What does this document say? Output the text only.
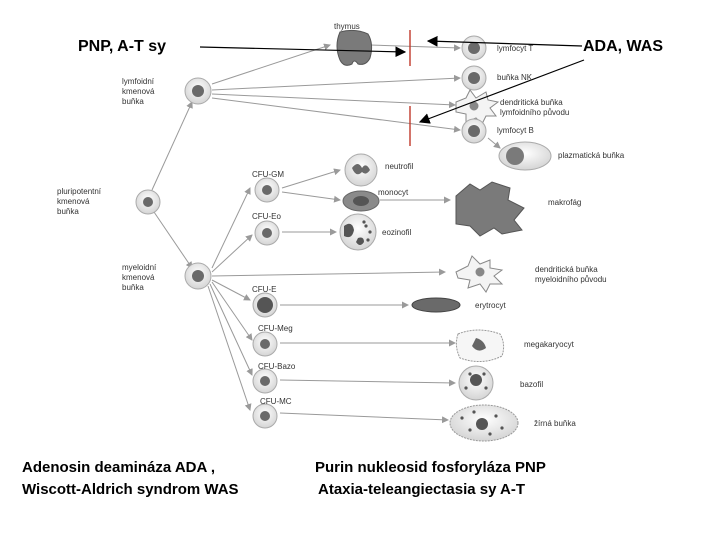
PNP, A-T sy	ADA, WAS
thymus
lymfoidní
kmenová
buňka
pluripotentní
kmenová
buňka
myeloidní
kmenová
buňka
CFU-GM
CFU-Eo
CFU-E
CFU-Meg
CFU-Bazo
CFU-MC
lymfocyt T
buňka NK
dendritická buňka
lymfoidního původu
lymfocyt B
plazmatická buňka
neutrofil
monocyt
makrofág
eozinofil
dendritická buňka
myeloidního původu
erytrocyt
megakaryocyt
bazofil
žírná buňka
Adenosin deamináza ADA ,
Wiscott-Aldrich syndrom WAS
Purin nukleosid fosforyláza PNP
Ataxia-teleangiectasia sy A-T
